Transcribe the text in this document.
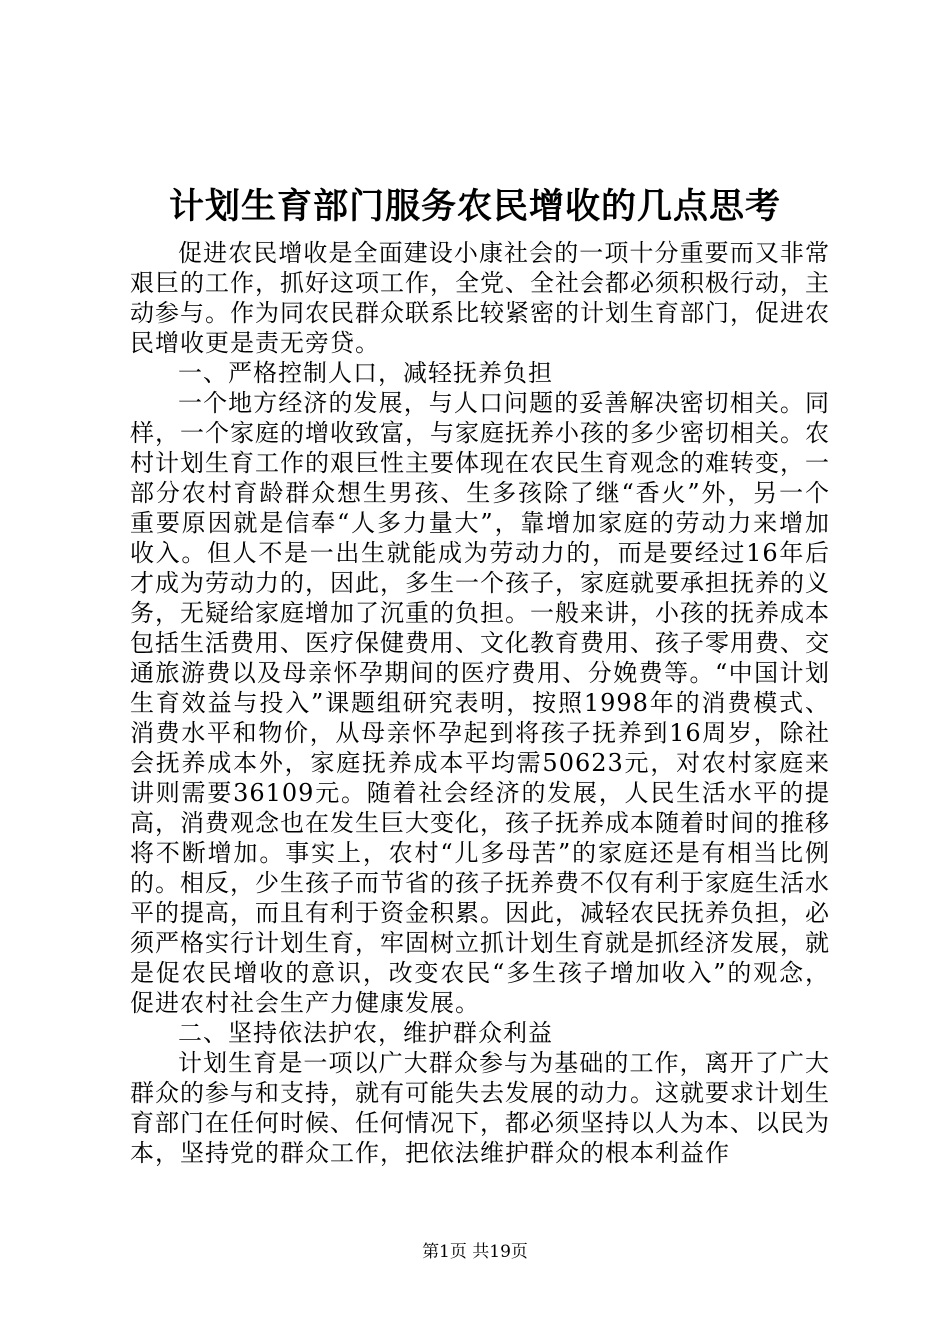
计划生育部门服务农民增收的几点思考

促进农民增收是全面建设小康社会的一项十分重要而又非常艰巨的工作，抓好这项工作，全党、全社会都必须积极行动，主动参与。作为同农民群众联系比较紧密的计划生育部门，促进农民增收更是责无旁贷。

一、严格控制人口，减轻抚养负担

一个地方经济的发展，与人口问题的妥善解决密切相关。同样，一个家庭的增收致富，与家庭抚养小孩的多少密切相关。农村计划生育工作的艰巨性主要体现在农民生育观念的难转变，一部分农村育龄群众想生男孩、生多孩除了继“香火”外，另一个重要原因就是信奉“人多力量大”，靠增加家庭的劳动力来增加收入。但人不是一出生就能成为劳动力的，而是要经过16年后才成为劳动力的，因此，多生一个孩子，家庭就要承担抚养的义务，无疑给家庭增加了沉重的负担。一般来讲，小孩的抚养成本包括生活费用、医疗保健费用、文化教育费用、孩子零用费、交通旅游费以及母亲怀孕期间的医疗费用、分娩费等。“中国计划生育效益与投入”课题组研究表明，按照1998年的消费模式、消费水平和物价，从母亲怀孕起到将孩子抚养到16周岁，除社会抚养成本外，家庭抚养成本平均需50623元，对农村家庭来讲则需要36109元。随着社会经济的发展，人民生活水平的提高，消费观念也在发生巨大变化，孩子抚养成本随着时间的推移将不断增加。事实上，农村“儿多母苦”的家庭还是有相当比例的。相反，少生孩子而节省的孩子抚养费不仅有利于家庭生活水平的提高，而且有利于资金积累。因此，减轻农民抚养负担，必须严格实行计划生育，牢固树立抓计划生育就是抓经济发展，就是促农民增收的意识，改变农民“多生孩子增加收入”的观念，促进农村社会生产力健康发展。

二、坚持依法护农，维护群众利益

计划生育是一项以广大群众参与为基础的工作，离开了广大群众的参与和支持，就有可能失去发展的动力。这就要求计划生育部门在任何时候、任何情况下，都必须坚持以人为本、以民为本，坚持党的群众工作，把依法维护群众的根本利益作

第1页 共19页
